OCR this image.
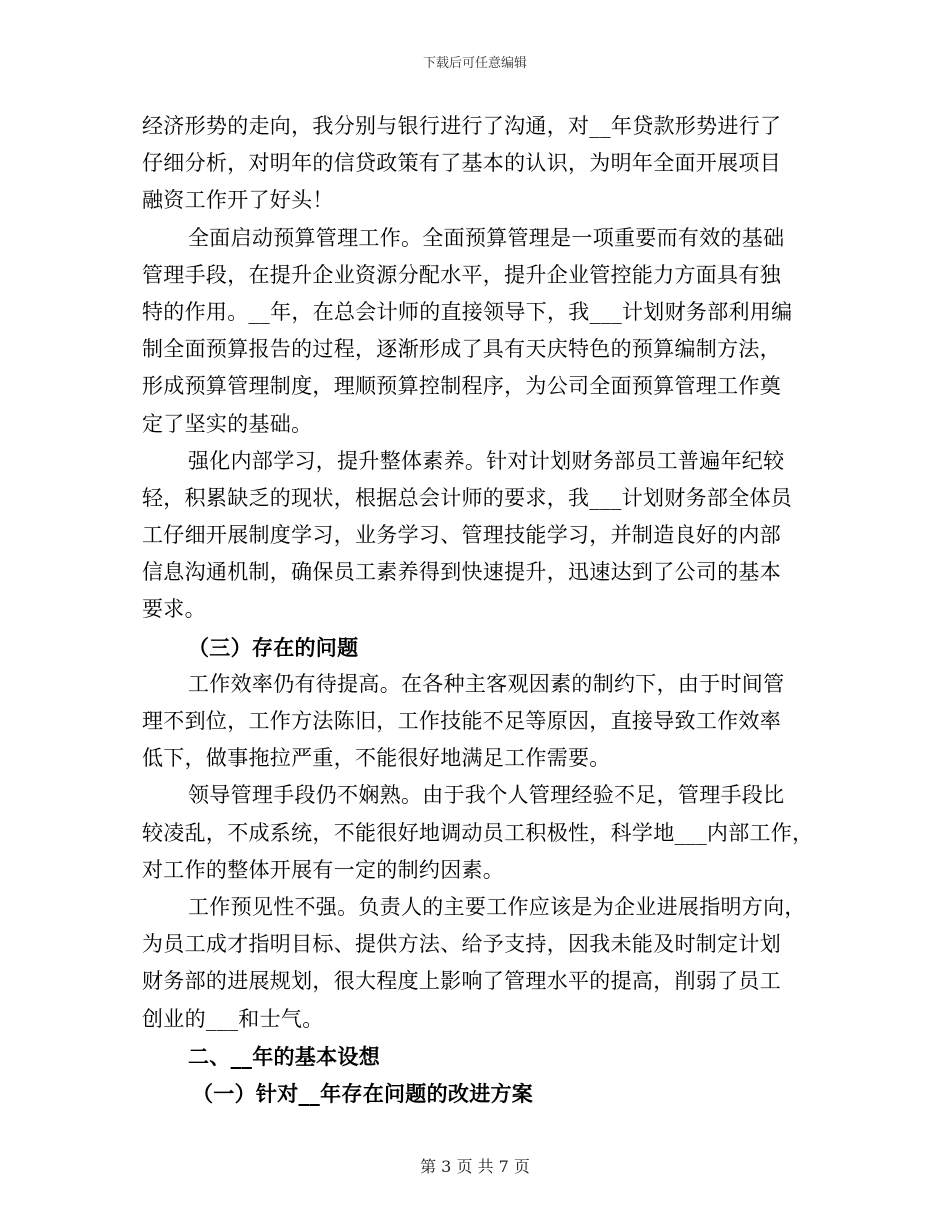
下载后可任意编辑
经济形势的走向，我分别与银行进行了沟通，对__年贷款形势进行了
仔细分析，对明年的信贷政策有了基本的认识，为明年全面开展项目
融资工作开了好头！
全面启动预算管理工作。全面预算管理是一项重要而有效的基础
管理手段，在提升企业资源分配水平，提升企业管控能力方面具有独
特的作用。__年，在总会计师的直接领导下，我___计划财务部利用编
制全面预算报告的过程，逐渐形成了具有天庆特色的预算编制方法，
形成预算管理制度，理顺预算控制程序，为公司全面预算管理工作奠
定了坚实的基础。
强化内部学习，提升整体素养。针对计划财务部员工普遍年纪较
轻，积累缺乏的现状，根据总会计师的要求，我___计划财务部全体员
工仔细开展制度学习，业务学习、管理技能学习，并制造良好的内部
信息沟通机制，确保员工素养得到快速提升，迅速达到了公司的基本
要求。
（三）存在的问题
工作效率仍有待提高。在各种主客观因素的制约下，由于时间管
理不到位，工作方法陈旧，工作技能不足等原因，直接导致工作效率
低下，做事拖拉严重，不能很好地满足工作需要。
领导管理手段仍不娴熟。由于我个人管理经验不足，管理手段比
较凌乱，不成系统，不能很好地调动员工积极性，科学地___内部工作，
对工作的整体开展有一定的制约因素。
工作预见性不强。负责人的主要工作应该是为企业进展指明方向，
为员工成才指明目标、提供方法、给予支持，因我未能及时制定计划
财务部的进展规划，很大程度上影响了管理水平的提高，削弱了员工
创业的___和士气。
二、__年的基本设想
（一）针对__年存在问题的改进方案
第 3 页 共 7 页
